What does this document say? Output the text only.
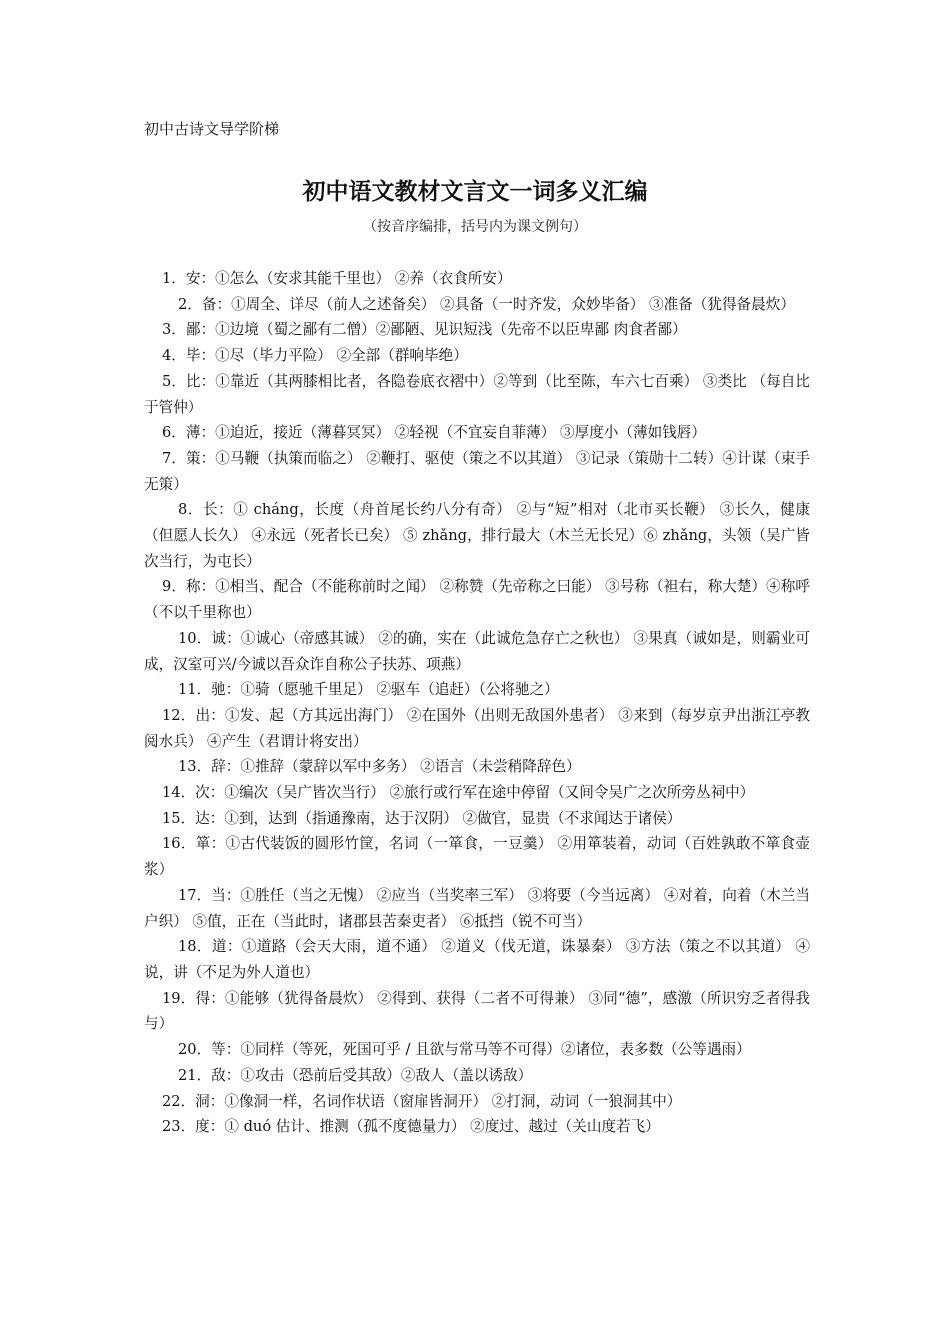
初中古诗文导学阶梯
初中语文教材文言文一词多义汇编
（按音序编排，括号内为课文例句）
1．安：①怎么（安求其能千里也） ②养（衣食所安）
2．备：①周全、详尽（前人之述备矣） ②具备（一时齐发，众妙毕备） ③准备（犹得备晨炊）
3．鄙：①边境（蜀之鄙有二僧）②鄙陋、见识短浅（先帝不以臣卑鄙 肉食者鄙）
4．毕：①尽（毕力平险） ②全部（群响毕绝）
5．比：①靠近（其两膝相比者，各隐卷底衣褶中）②等到（比至陈，车六七百乘） ③类比 （每自比于管仲）
6．薄：①迫近，接近（薄暮冥冥） ②轻视（不宜妄自菲薄） ③厚度小（薄如钱唇）
7．策：①马鞭（执策而临之） ②鞭打、驱使（策之不以其道） ③记录（策勋十二转）④计谋（束手无策）
8．长：① cháng，长度（舟首尾长约八分有奇） ②与“短”相对（北市买长鞭） ③长久，健康（但愿人长久） ④永远（死者长已矣） ⑤ zhǎng，排行最大（木兰无长兄）⑥ zhǎng，头领（吴广皆次当行，为屯长）
9．称：①相当、配合（不能称前时之闻） ②称赞（先帝称之曰能） ③号称（袒右，称大楚）④称呼（不以千里称也）
10．诚：①诚心（帝感其诚） ②的确，实在（此诚危急存亡之秋也） ③果真（诚如是，则霸业可成，汉室可兴/今诚以吾众诈自称公子扶苏、项燕）
11．驰：①骑（愿驰千里足） ②驱车（追赶）（公将驰之）
12．出：①发、起（方其远出海门） ②在国外（出则无敌国外患者） ③来到（每岁京尹出浙江亭教阅水兵） ④产生（君谓计将安出）
13．辞：①推辞（蒙辞以军中多务） ②语言（未尝稍降辞色）
14．次：①编次（吴广皆次当行） ②旅行或行军在途中停留（又间令吴广之次所旁丛祠中）
15．达：①到，达到（指通豫南，达于汉阴） ②做官，显贵（不求闻达于诸侯）
16．箪：①古代装饭的圆形竹筐，名词（一箪食，一豆羹） ②用箪装着，动词（百姓孰敢不箪食壶浆）
17．当：①胜任（当之无愧） ②应当（当奖率三军） ③将要（今当远离） ④对着，向着（木兰当户织） ⑤值，正在（当此时，诸郡县苦秦吏者） ⑥抵挡（锐不可当）
18．道：①道路（会天大雨，道不通） ②道义（伐无道，诛暴秦） ③方法（策之不以其道） ④说，讲（不足为外人道也）
19．得：①能够（犹得备晨炊） ②得到、获得（二者不可得兼） ③同“德”，感激（所识穷乏者得我与）
20．等：①同样（等死，死国可乎 / 且欲与常马等不可得）②诸位，表多数（公等遇雨）
21．敌：①攻击（恐前后受其敌）②敌人（盖以诱敌）
22．洞：①像洞一样，名词作状语（窗扉皆洞开） ②打洞，动词（一狼洞其中）
23．度：① duó 估计、推测（孤不度德量力） ②度过、越过（关山度若飞）
